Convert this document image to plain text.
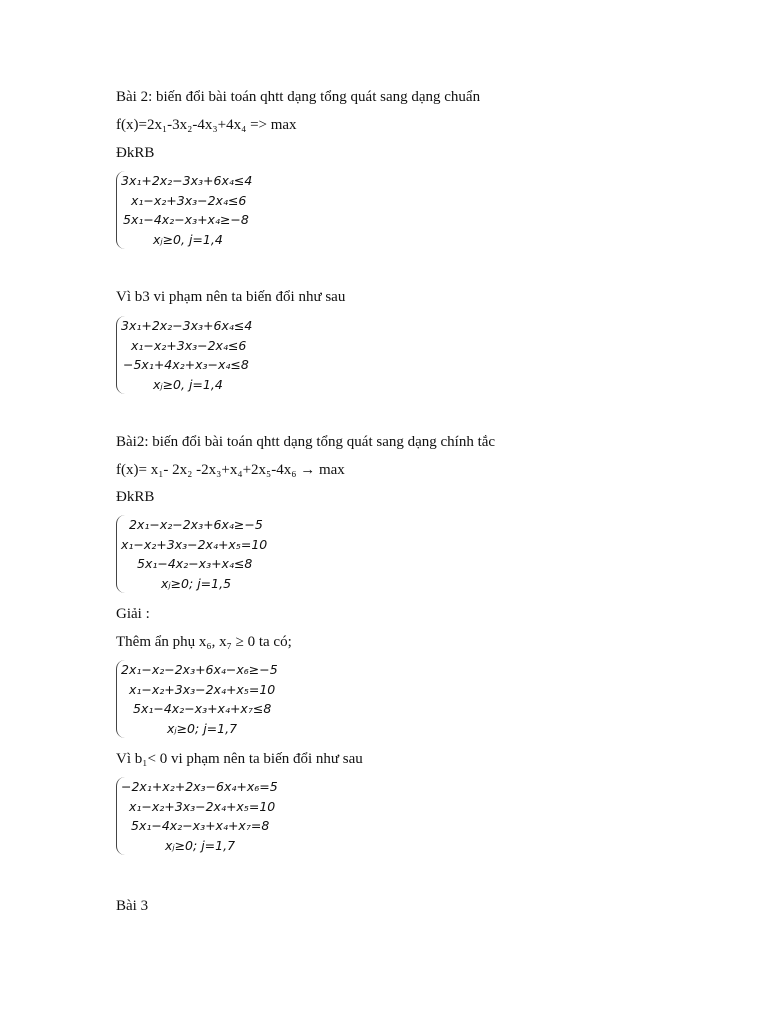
Bài 2: biến đổi bài toán qhtt dạng tổng quát sang dạng chuẩn
f(x)=2x₁-3x₂-4x₃+4x₄ => max
ĐkRB
3x₁+2x₂−3x₃+6x₄≤4
x₁−x₂+3x₃−2x₄≤6
5x₁−4x₂−x₃+x₄≥−8
xⱼ≥0, j=1,4
Vì b3 vi phạm nên ta biến đổi như sau
3x₁+2x₂−3x₃+6x₄≤4
x₁−x₂+3x₃−2x₄≤6
−5x₁+4x₂+x₃−x₄≤8
xⱼ≥0, j=1,4
Bài2: biến đổi bài toán qhtt dạng tổng quát sang dạng chính tắc
f(x)= x₁- 2x₂ -2x₃+x₄+2x₅-4x₆ → max
ĐkRB
2x₁−x₂−2x₃+6x₄≥−5
x₁−x₂+3x₃−2x₄+x₅=10
5x₁−4x₂−x₃+x₄≤8
xⱼ≥0; j=1,5
Giải :
Thêm ẩn phụ x₆, x₇ ≥ 0 ta có;
2x₁−x₂−2x₃+6x₄−x₆≥−5
x₁−x₂+3x₃−2x₄+x₅=10
5x₁−4x₂−x₃+x₄+x₇≤8
xⱼ≥0; j=1,7
Vì b₁< 0 vi phạm nên ta biến đổi như sau
−2x₁+x₂+2x₃−6x₄+x₆=5
x₁−x₂+3x₃−2x₄+x₅=10
5x₁−4x₂−x₃+x₄+x₇=8
xⱼ≥0; j=1,7
Bài 3
